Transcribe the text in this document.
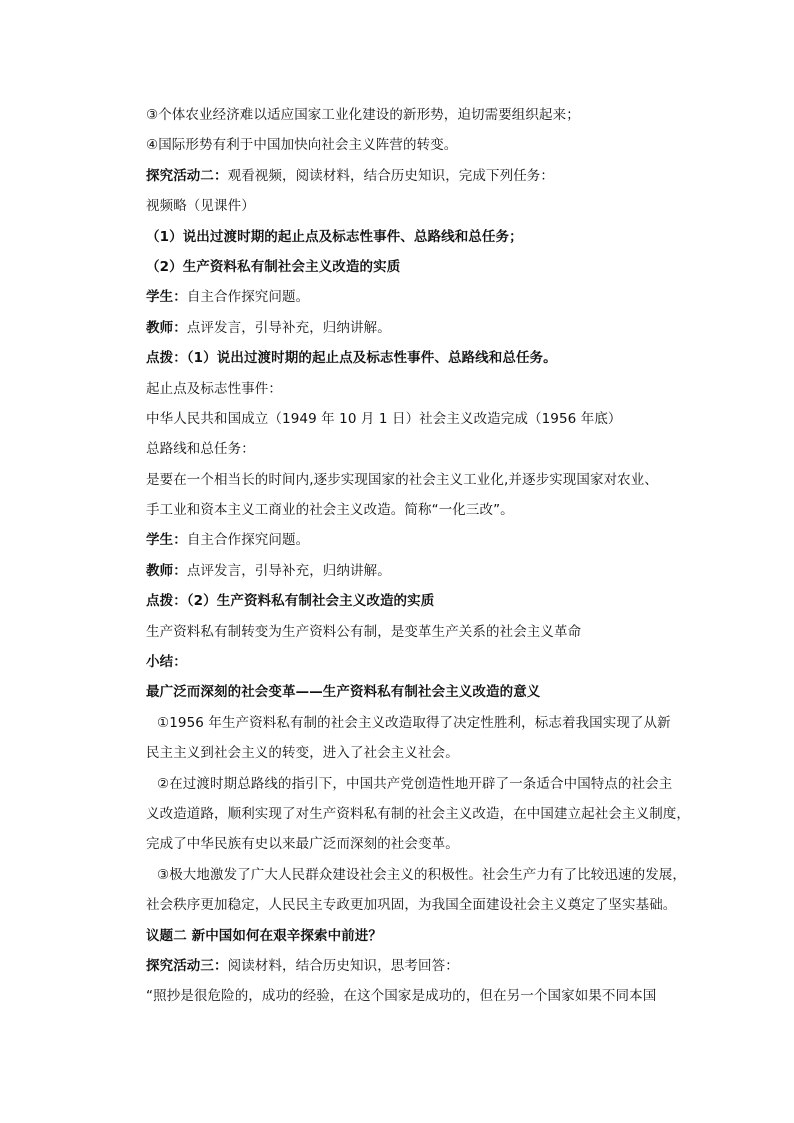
③个体农业经济难以适应国家工业化建设的新形势，迫切需要组织起来；
④国际形势有利于中国加快向社会主义阵营的转变。
探究活动二：观看视频，阅读材料，结合历史知识，完成下列任务：
视频略（见课件）
（1）说出过渡时期的起止点及标志性事件、总路线和总任务；
（2）生产资料私有制社会主义改造的实质
学生：自主合作探究问题。
教师：点评发言，引导补充，归纳讲解。
点拨：（1）说出过渡时期的起止点及标志性事件、总路线和总任务。
起止点及标志性事件：
中华人民共和国成立（1949 年 10 月 1 日）社会主义改造完成（1956 年底）
总路线和总任务：
是要在一个相当长的时间内,逐步实现国家的社会主义工业化,并逐步实现国家对农业、
手工业和资本主义工商业的社会主义改造。简称“一化三改”。
学生：自主合作探究问题。
教师：点评发言，引导补充，归纳讲解。
点拨：（2）生产资料私有制社会主义改造的实质
生产资料私有制转变为生产资料公有制，是变革生产关系的社会主义革命
小结：
最广泛而深刻的社会变革——生产资料私有制社会主义改造的意义
①1956 年生产资料私有制的社会主义改造取得了决定性胜利，标志着我国实现了从新
民主主义到社会主义的转变，进入了社会主义社会。
②在过渡时期总路线的指引下，中国共产党创造性地开辟了一条适合中国特点的社会主
义改造道路，顺利实现了对生产资料私有制的社会主义改造，在中国建立起社会主义制度，
完成了中华民族有史以来最广泛而深刻的社会变革。
③极大地激发了广大人民群众建设社会主义的积极性。社会生产力有了比较迅速的发展，
社会秩序更加稳定，人民民主专政更加巩固，为我国全面建设社会主义奠定了坚实基础。
议题二 新中国如何在艰辛探索中前进？
探究活动三：阅读材料，结合历史知识，思考回答：
“照抄是很危险的，成功的经验，在这个国家是成功的，但在另一个国家如果不同本国
